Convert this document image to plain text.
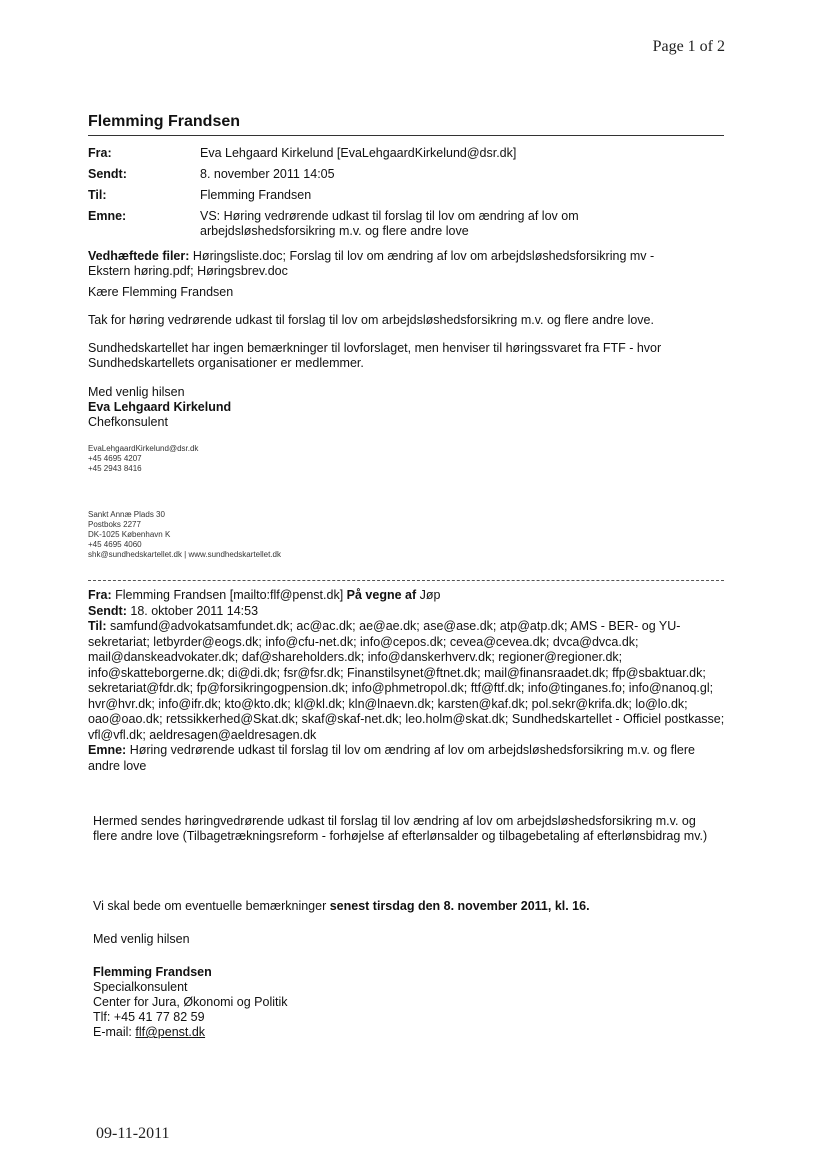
Page 1 of 2
Flemming Frandsen
Fra:	Eva Lehgaard Kirkelund [EvaLehgaardKirkelund@dsr.dk]
Sendt:	8. november 2011 14:05
Til:	Flemming Frandsen
Emne:	VS: Høring vedrørende udkast til forslag til lov om ændring af lov om arbejdsløshedsforsikring m.v. og flere andre love
Vedhæftede filer: Høringsliste.doc; Forslag til lov om ændring af lov om arbejdsløshedsforsikring mv - Ekstern høring.pdf; Høringsbrev.doc	

Kære Flemming Frandsen

Tak for høring vedrørende udkast til forslag til lov om arbejdsløshedsforsikring m.v. og flere andre love.

Sundhedskartellet har ingen bemærkninger til lovforslaget, men henviser til høringssvaret fra FTF - hvor Sundhedskartellets organisationer er medlemmer.

Med venlig hilsen

Eva Lehgaard Kirkelund

Chefkonsulent

EvaLehgaardKirkelund@dsr.dk
+45 4695 4207
+45 2943 8416
Sankt Annæ Plads 30
Postboks 2277
DK-1025 København K
+45 4695 4060
shk@sundhedskartellet.dk | www.sundhedskartellet.dk
Fra: Flemming Frandsen [mailto:flf@penst.dk] På vegne af Jøp
Sendt: 18. oktober 2011 14:53
Til: samfund@advokatsamfundet.dk; ac@ac.dk; ae@ae.dk; ase@ase.dk; atp@atp.dk; AMS - BER- og YU-sekretariat; letbyrder@eogs.dk; info@cfu-net.dk; info@cepos.dk; cevea@cevea.dk; dvca@dvca.dk; mail@danskeadvokater.dk; daf@shareholders.dk; info@danskerhverv.dk; regioner@regioner.dk; info@skatteborgerne.dk; di@di.dk; fsr@fsr.dk; Finanstilsynet@ftnet.dk; mail@finansraadet.dk; ffp@sbaktuar.dk; sekretariat@fdr.dk; fp@forsikringogpension.dk; info@phmetropol.dk; ftf@ftf.dk; info@tinganes.fo; info@nanoq.gl; hvr@hvr.dk; info@ifr.dk; kto@kto.dk; kl@kl.dk; kln@lnaevn.dk; karsten@kaf.dk; pol.sekr@krifa.dk; lo@lo.dk; oao@oao.dk; retssikkerhed@Skat.dk; skaf@skaf-net.dk; leo.holm@skat.dk; Sundhedskartellet - Officiel postkasse; vfl@vfl.dk; aeldresagen@aeldresagen.dk
Emne: Høring vedrørende udkast til forslag til lov om ændring af lov om arbejdsløshedsforsikring m.v. og flere andre love

Hermed sendes høringvedrørende udkast til forslag til lov ændring af lov om arbejdsløshedsforsikring m.v. og flere andre love (Tilbagetrækningsreform - forhøjelse af efterlønsalder og tilbagebetaling af efterlønsbidrag mv.)

Vi skal bede om eventuelle bemærkninger senest tirsdag den 8. november 2011, kl. 16.

Med venlig hilsen

Flemming Frandsen

Specialkonsulent

Center for Jura, Økonomi og Politik

Tlf: +45 41 77 82 59

E-mail: flf@penst.dk

09-11-2011
